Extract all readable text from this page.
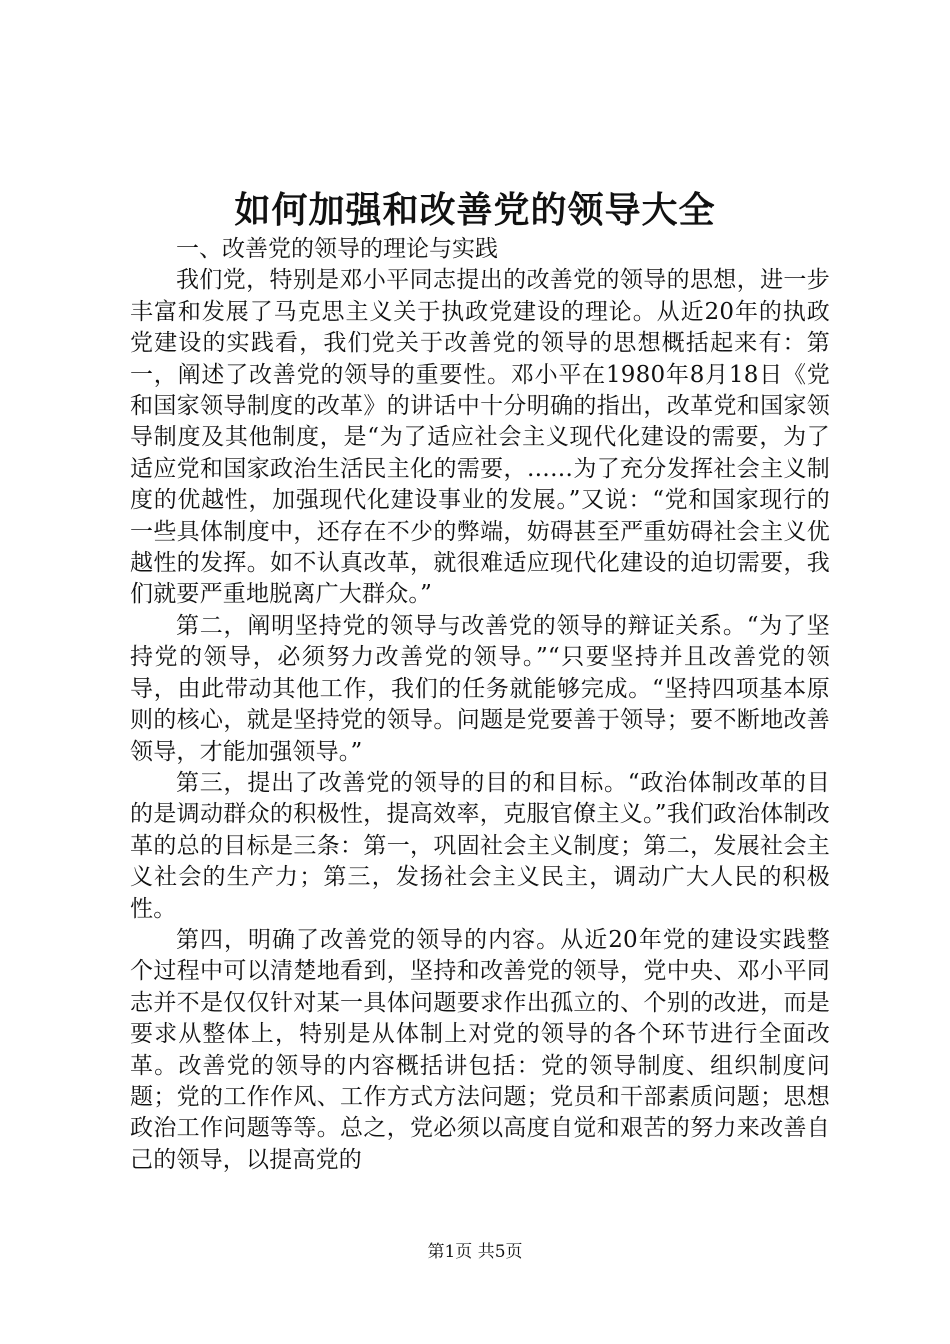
如何加强和改善党的领导大全

一、改善党的领导的理论与实践

我们党，特别是邓小平同志提出的改善党的领导的思想，进一步丰富和发展了马克思主义关于执政党建设的理论。从近20年的执政党建设的实践看，我们党关于改善党的领导的思想概括起来有：第一，阐述了改善党的领导的重要性。邓小平在1980年8月18日《党和国家领导制度的改革》的讲话中十分明确的指出，改革党和国家领导制度及其他制度，是“为了适应社会主义现代化建设的需要，为了适应党和国家政治生活民主化的需要，……为了充分发挥社会主义制度的优越性，加强现代化建设事业的发展。”又说：“党和国家现行的一些具体制度中，还存在不少的弊端，妨碍甚至严重妨碍社会主义优越性的发挥。如不认真改革，就很难适应现代化建设的迫切需要，我们就要严重地脱离广大群众。”

第二，阐明坚持党的领导与改善党的领导的辩证关系。“为了坚持党的领导，必须努力改善党的领导。”“只要坚持并且改善党的领导，由此带动其他工作，我们的任务就能够完成。“坚持四项基本原则的核心，就是坚持党的领导。问题是党要善于领导；要不断地改善领导，才能加强领导。”

第三，提出了改善党的领导的目的和目标。“政治体制改革的目的是调动群众的积极性，提高效率，克服官僚主义。”我们政治体制改革的总的目标是三条：第一，巩固社会主义制度；第二，发展社会主义社会的生产力；第三，发扬社会主义民主，调动广大人民的积极性。

第四，明确了改善党的领导的内容。从近20年党的建设实践整个过程中可以清楚地看到，坚持和改善党的领导，党中央、邓小平同志并不是仅仅针对某一具体问题要求作出孤立的、个别的改进，而是要求从整体上，特别是从体制上对党的领导的各个环节进行全面改革。改善党的领导的内容概括讲包括：党的领导制度、组织制度问题；党的工作作风、工作方式方法问题；党员和干部素质问题；思想政治工作问题等等。总之，党必须以高度自觉和艰苦的努力来改善自己的领导，以提高党的

第1页 共5页
